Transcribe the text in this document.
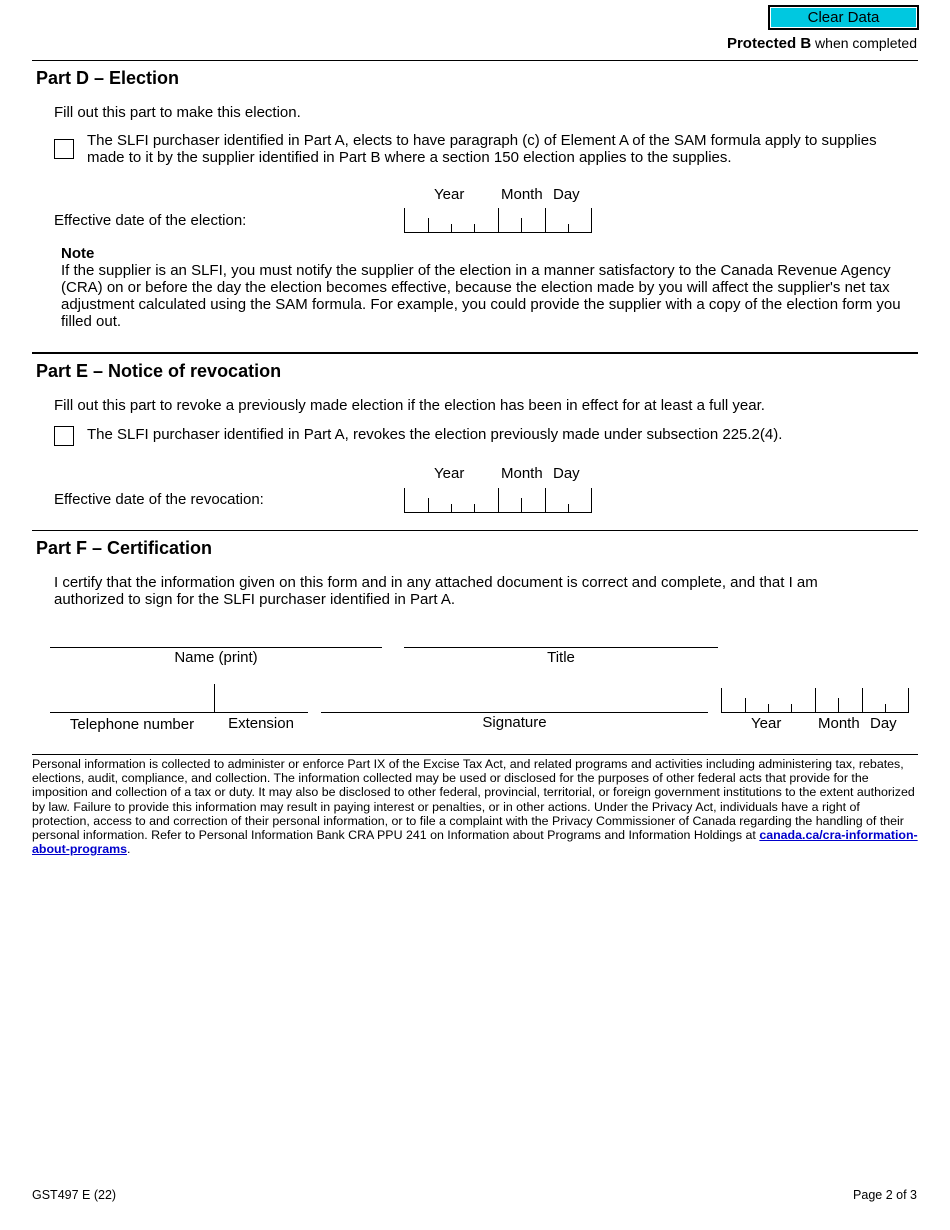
Clear Data
Protected B when completed
Part D – Election
Fill out this part to make this election.
The SLFI purchaser identified in Part A, elects to have paragraph (c) of Element A of the SAM formula apply to supplies made to it by the supplier identified in Part B where a section 150 election applies to the supplies.
Year Month Day
Effective date of the election:
Note
If the supplier is an SLFI, you must notify the supplier of the election in a manner satisfactory to the Canada Revenue Agency (CRA) on or before the day the election becomes effective, because the election made by you will affect the supplier's net tax adjustment calculated using the SAM formula. For example, you could provide the supplier with a copy of the election form you filled out.
Part E – Notice of revocation
Fill out this part to revoke a previously made election if the election has been in effect for at least a full year.
The SLFI purchaser identified in Part A, revokes the election previously made under subsection 225.2(4).
Year Month Day
Effective date of the revocation:
Part F – Certification
I certify that the information given on this form and in any attached document is correct and complete, and that I am authorized to sign for the SLFI purchaser identified in Part A.
Name (print)	Title
Telephone number	Extension	Signature	Year Month Day
Personal information is collected to administer or enforce Part IX of the Excise Tax Act, and related programs and activities including administering tax, rebates, elections, audit, compliance, and collection. The information collected may be used or disclosed for the purposes of other federal acts that provide for the imposition and collection of a tax or duty. It may also be disclosed to other federal, provincial, territorial, or foreign government institutions to the extent authorized by law. Failure to provide this information may result in paying interest or penalties, or in other actions. Under the Privacy Act, individuals have a right of protection, access to and correction of their personal information, or to file a complaint with the Privacy Commissioner of Canada regarding the handling of their personal information. Refer to Personal Information Bank CRA PPU 241 on Information about Programs and Information Holdings at canada.ca/cra-information-about-programs.
GST497 E (22)	Page 2 of 3
